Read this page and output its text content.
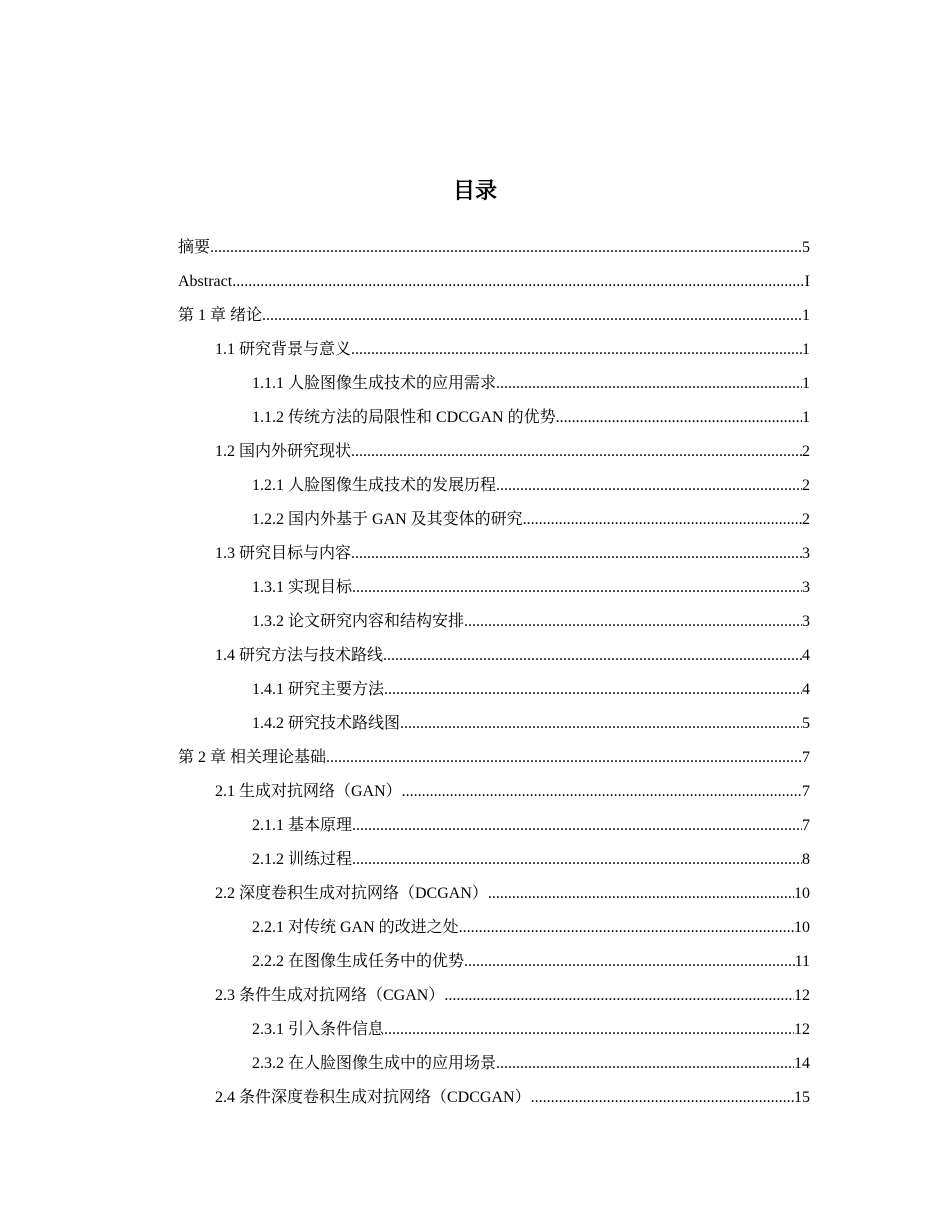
目录
摘要 .....	5
Abstract .....	I
第 1 章 绪论 .....	1
1.1 研究背景与意义 .....	1
1.1.1 人脸图像生成技术的应用需求 .....	1
1.1.2 传统方法的局限性和 CDCGAN 的优势 .....	1
1.2 国内外研究现状 .....	2
1.2.1 人脸图像生成技术的发展历程 .....	2
1.2.2 国内外基于 GAN 及其变体的研究 .....	2
1.3 研究目标与内容 .....	3
1.3.1 实现目标 .....	3
1.3.2 论文研究内容和结构安排 .....	3
1.4 研究方法与技术路线 .....	4
1.4.1 研究主要方法 .....	4
1.4.2 研究技术路线图 .....	5
第 2 章 相关理论基础 .....	7
2.1 生成对抗网络（GAN） .....	7
2.1.1 基本原理 .....	7
2.1.2 训练过程 .....	8
2.2 深度卷积生成对抗网络（DCGAN） .....	10
2.2.1 对传统 GAN 的改进之处 .....	10
2.2.2 在图像生成任务中的优势 .....	11
2.3 条件生成对抗网络（CGAN） .....	12
2.3.1 引入条件信息 .....	12
2.3.2 在人脸图像生成中的应用场景 .....	14
2.4 条件深度卷积生成对抗网络（CDCGAN） .....	15
